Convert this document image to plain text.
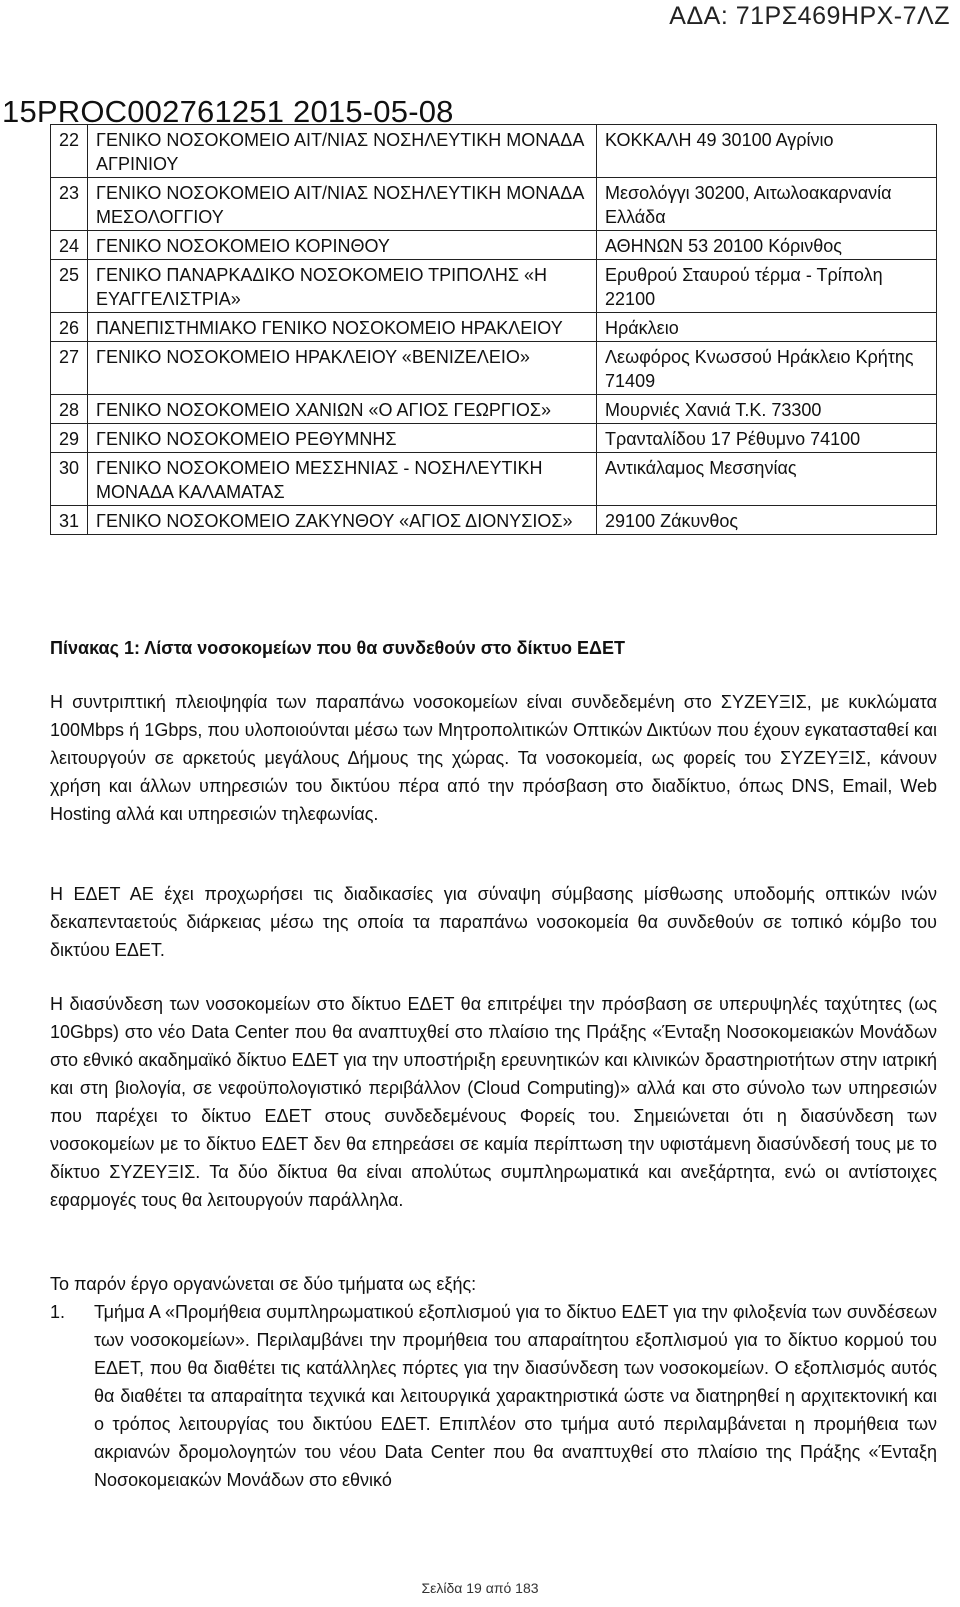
ΑΔΑ: 71ΡΣ469ΗΡΧ-7ΛΖ
15PROC002761251 2015-05-08
22	ΓΕΝΙΚΟ ΝΟΣΟΚΟΜΕΙΟ ΑΙΤ/ΝΙΑΣ ΝΟΣΗΛΕΥΤΙΚΗ ΜΟΝΑΔΑ ΑΓΡΙΝΙΟΥ	ΚΟΚΚΑΛΗ 49 30100 Αγρίνιο
23	ΓΕΝΙΚΟ ΝΟΣΟΚΟΜΕΙΟ ΑΙΤ/ΝΙΑΣ ΝΟΣΗΛΕΥΤΙΚΗ ΜΟΝΑΔΑ ΜΕΣΟΛΟΓΓΙΟΥ	Μεσολόγγι 30200, Αιτωλοακαρνανία Ελλάδα
24	ΓΕΝΙΚΟ ΝΟΣΟΚΟΜΕΙΟ ΚΟΡΙΝΘΟΥ	ΑΘΗΝΩΝ 53 20100 Κόρινθος
25	ΓΕΝΙΚΟ ΠΑΝΑΡΚΑΔΙΚΟ ΝΟΣΟΚΟΜΕΙΟ ΤΡΙΠΟΛΗΣ «Η ΕΥΑΓΓΕΛΙΣΤΡΙΑ»	Ερυθρού Σταυρού τέρμα - Τρίπολη 22100
26	ΠΑΝΕΠΙΣΤΗΜΙΑΚΟ ΓΕΝΙΚΟ ΝΟΣΟΚΟΜΕΙΟ ΗΡΑΚΛΕΙΟΥ	Ηράκλειο
27	ΓΕΝΙΚΟ ΝΟΣΟΚΟΜΕΙΟ ΗΡΑΚΛΕΙΟΥ «ΒΕΝΙΖΕΛΕΙΟ»	Λεωφόρος Κνωσσού Ηράκλειο Κρήτης 71409
28	ΓΕΝΙΚΟ ΝΟΣΟΚΟΜΕΙΟ ΧΑΝΙΩΝ «Ο ΑΓΙΟΣ ΓΕΩΡΓΙΟΣ»	Μουρνιές Χανιά Τ.Κ. 73300
29	ΓΕΝΙΚΟ ΝΟΣΟΚΟΜΕΙΟ ΡΕΘΥΜΝΗΣ	Τρανταλίδου 17 Ρέθυμνο 74100
30	ΓΕΝΙΚΟ ΝΟΣΟΚΟΜΕΙΟ ΜΕΣΣΗΝΙΑΣ - ΝΟΣΗΛΕΥΤΙΚΗ ΜΟΝΑΔΑ ΚΑΛΑΜΑΤΑΣ	Αντικάλαμος Μεσσηνίας
31	ΓΕΝΙΚΟ ΝΟΣΟΚΟΜΕΙΟ ΖΑΚΥΝΘΟΥ «ΑΓΙΟΣ ΔΙΟΝΥΣΙΟΣ»	29100 Ζάκυνθος

Πίνακας 1: Λίστα νοσοκομείων που θα συνδεθούν στο δίκτυο ΕΔΕΤ

Η συντριπτική πλειοψηφία των παραπάνω νοσοκομείων είναι συνδεδεμένη στο ΣΥΖΕΥΞΙΣ, με κυκλώματα 100Mbps ή 1Gbps, που υλοποιούνται μέσω των Μητροπολιτικών Οπτικών Δικτύων που έχουν εγκατασταθεί και λειτουργούν σε αρκετούς μεγάλους Δήμους της χώρας. Τα νοσοκομεία, ως φορείς του ΣΥΖΕΥΞΙΣ, κάνουν χρήση και άλλων υπηρεσιών του δικτύου πέρα από την πρόσβαση στο διαδίκτυο, όπως DNS, Email, Web Hosting αλλά και υπηρεσιών τηλεφωνίας.

Η ΕΔΕΤ ΑΕ έχει προχωρήσει τις διαδικασίες για σύναψη σύμβασης μίσθωσης υποδομής οπτικών ινών δεκαπενταετούς διάρκειας μέσω της οποία τα παραπάνω νοσοκομεία θα συνδεθούν σε τοπικό κόμβο του δικτύου ΕΔΕΤ.

Η διασύνδεση των νοσοκομείων στο δίκτυο ΕΔΕΤ θα επιτρέψει την πρόσβαση σε υπερυψηλές ταχύτητες (ως 10Gbps) στο νέο Data Center που θα αναπτυχθεί στο πλαίσιο της Πράξης «Ένταξη Νοσοκομειακών Μονάδων στο εθνικό ακαδημαϊκό δίκτυο ΕΔΕΤ για την υποστήριξη ερευνητικών και κλινικών δραστηριοτήτων στην ιατρική και στη βιολογία, σε νεφοϋπολογιστικό περιβάλλον (Cloud Computing)» αλλά και στο σύνολο των υπηρεσιών που παρέχει το δίκτυο ΕΔΕΤ στους συνδεδεμένους Φορείς του. Σημειώνεται ότι η διασύνδεση των νοσοκομείων με το δίκτυο ΕΔΕΤ δεν θα επηρεάσει σε καμία περίπτωση την υφιστάμενη διασύνδεσή τους με το δίκτυο ΣΥΖΕΥΞΙΣ. Τα δύο δίκτυα θα είναι απολύτως συμπληρωματικά και ανεξάρτητα, ενώ οι αντίστοιχες εφαρμογές τους θα λειτουργούν παράλληλα.

Το παρόν έργο οργανώνεται σε δύο τμήματα ως εξής:

1. Τμήμα Α «Προμήθεια συμπληρωματικού εξοπλισμού για το δίκτυο ΕΔΕΤ για την φιλοξενία των συνδέσεων των νοσοκομείων». Περιλαμβάνει την προμήθεια του απαραίτητου εξοπλισμού για το δίκτυο κορμού του ΕΔΕΤ, που θα διαθέτει τις κατάλληλες πόρτες για την διασύνδεση των νοσοκομείων. Ο εξοπλισμός αυτός θα διαθέτει τα απαραίτητα τεχνικά και λειτουργικά χαρακτηριστικά ώστε να διατηρηθεί η αρχιτεκτονική και ο τρόπος λειτουργίας του δικτύου ΕΔΕΤ. Επιπλέον στο τμήμα αυτό περιλαμβάνεται η προμήθεια των ακριανών δρομολογητών του νέου Data Center που θα αναπτυχθεί στο πλαίσιο της Πράξης «Ένταξη Νοσοκομειακών Μονάδων στο εθνικό
Σελίδα 19 από 183
